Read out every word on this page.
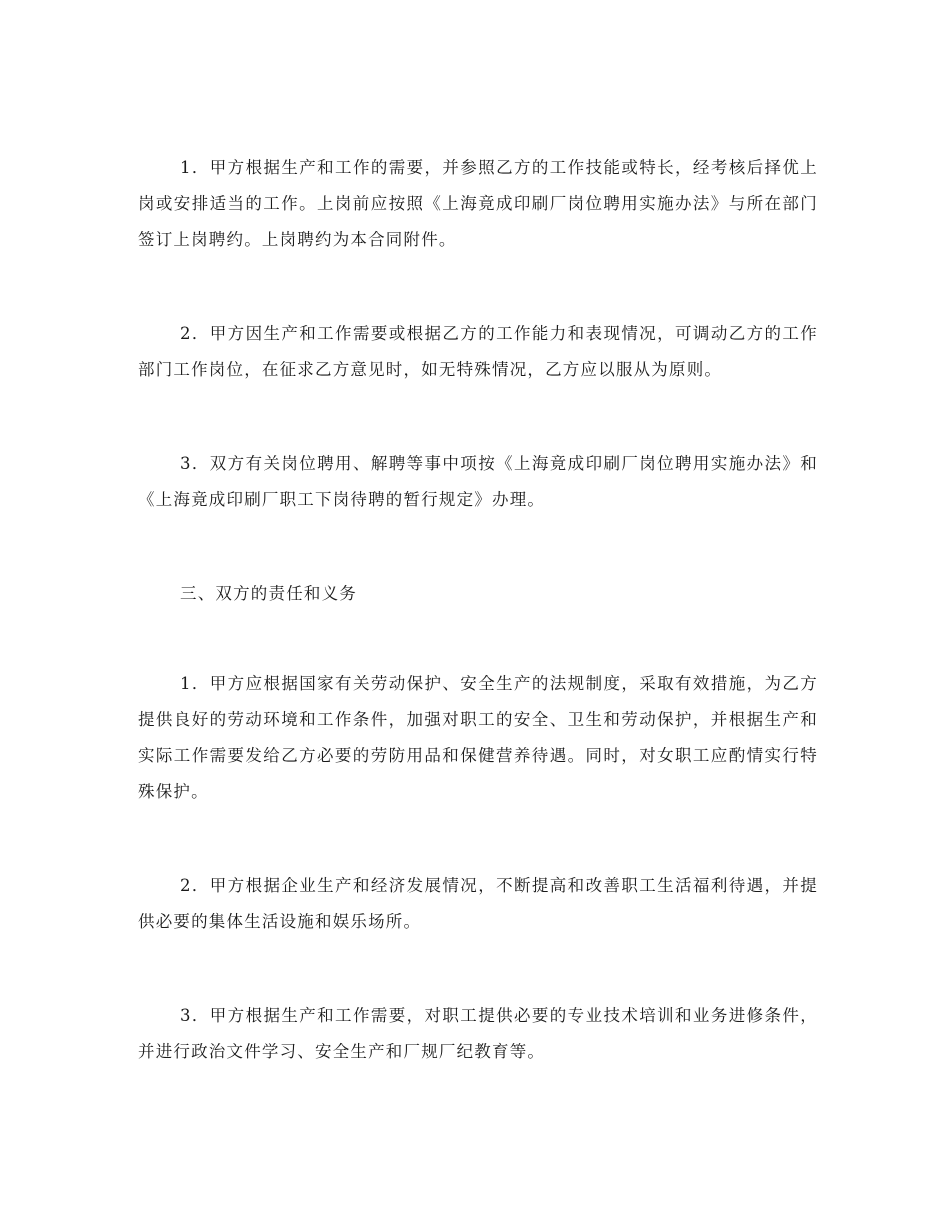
1．甲方根据生产和工作的需要，并参照乙方的工作技能或特长，经考核后择优上岗或安排适当的工作。上岗前应按照《上海竟成印刷厂岗位聘用实施办法》与所在部门签订上岗聘约。上岗聘约为本合同附件。

2．甲方因生产和工作需要或根据乙方的工作能力和表现情况，可调动乙方的工作部门工作岗位，在征求乙方意见时，如无特殊情况，乙方应以服从为原则。

3．双方有关岗位聘用、解聘等事中项按《上海竟成印刷厂岗位聘用实施办法》和《上海竟成印刷厂职工下岗待聘的暂行规定》办理。

三、双方的责任和义务

1．甲方应根据国家有关劳动保护、安全生产的法规制度，采取有效措施，为乙方提供良好的劳动环境和工作条件，加强对职工的安全、卫生和劳动保护，并根据生产和实际工作需要发给乙方必要的劳防用品和保健营养待遇。同时，对女职工应酌情实行特殊保护。

2．甲方根据企业生产和经济发展情况，不断提高和改善职工生活福利待遇，并提供必要的集体生活设施和娱乐场所。

3．甲方根据生产和工作需要，对职工提供必要的专业技术培训和业务进修条件，并进行政治文件学习、安全生产和厂规厂纪教育等。
